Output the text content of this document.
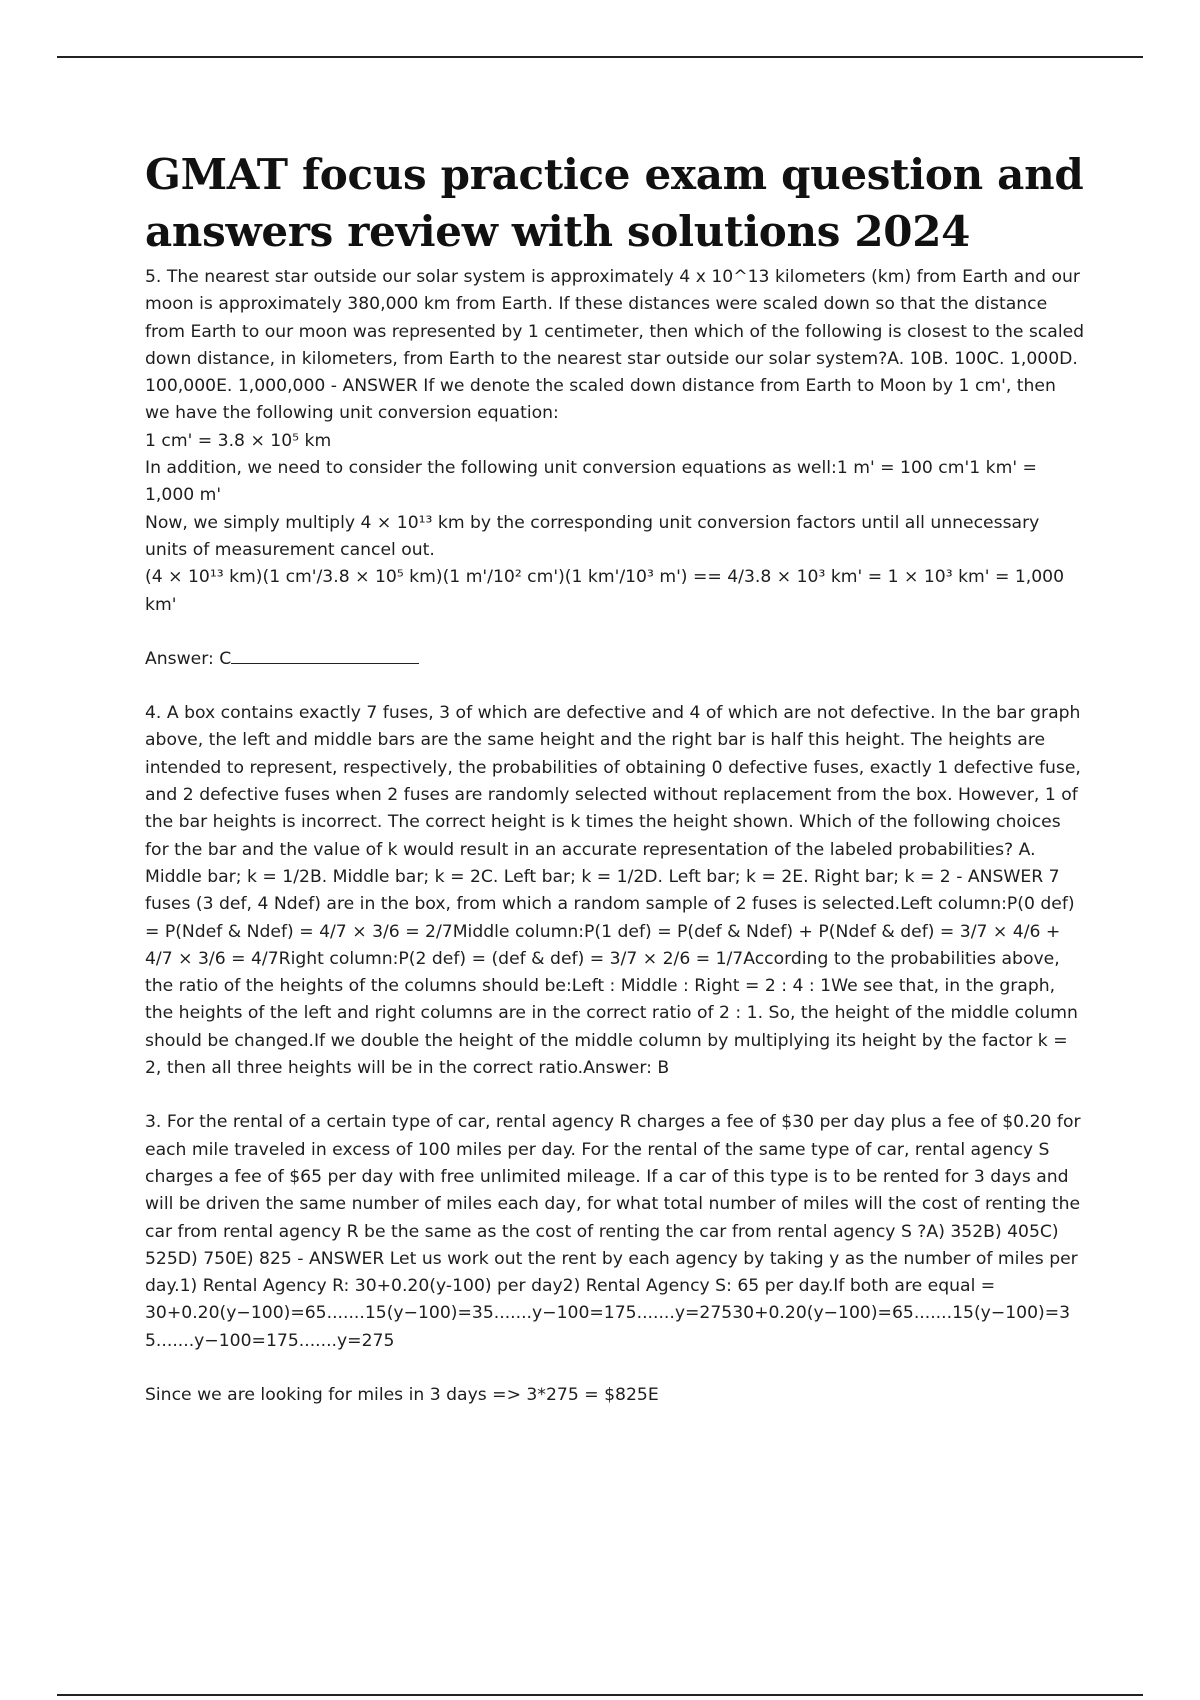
GMAT focus practice exam question and answers review with solutions 2024

5. The nearest star outside our solar system is approximately 4 x 10^13 kilometers (km) from Earth and our moon is approximately 380,000 km from Earth. If these distances were scaled down so that the distance from Earth to our moon was represented by 1 centimeter, then which of the following is closest to the scaled down distance, in kilometers, from Earth to the nearest star outside our solar system?A. 10B. 100C. 1,000D. 100,000E. 1,000,000 - ANSWER If we denote the scaled down distance from Earth to Moon by 1 cm', then we have the following unit conversion equation:

1 cm' = 3.8 × 10⁵ km

In addition, we need to consider the following unit conversion equations as well:1 m' = 100 cm'1 km' = 1,000 m'

Now, we simply multiply 4 × 10¹³ km by the corresponding unit conversion factors until all unnecessary units of measurement cancel out.

(4 × 10¹³ km)(1 cm'/3.8 × 10⁵ km)(1 m'/10² cm')(1 km'/10³ m') == 4/3.8 × 10³ km' = 1 × 10³ km' = 1,000 km'

Answer: C

4. A box contains exactly 7 fuses, 3 of which are defective and 4 of which are not defective. In the bar graph above, the left and middle bars are the same height and the right bar is half this height. The heights are intended to represent, respectively, the probabilities of obtaining 0 defective fuses, exactly 1 defective fuse, and 2 defective fuses when 2 fuses are randomly selected without replacement from the box. However, 1 of the bar heights is incorrect. The correct height is k times the height shown. Which of the following choices for the bar and the value of k would result in an accurate representation of the labeled probabilities? A. Middle bar; k = 1/2B. Middle bar; k = 2C. Left bar; k = 1/2D. Left bar; k = 2E. Right bar; k = 2 - ANSWER 7 fuses (3 def, 4 Ndef) are in the box, from which a random sample of 2 fuses is selected.Left column:P(0 def) = P(Ndef & Ndef) = 4/7 × 3/6 = 2/7Middle column:P(1 def) = P(def & Ndef) + P(Ndef & def) = 3/7 × 4/6 + 4/7 × 3/6 = 4/7Right column:P(2 def) = (def & def) = 3/7 × 2/6 = 1/7According to the probabilities above, the ratio of the heights of the columns should be:Left : Middle : Right = 2 : 4 : 1We see that, in the graph, the heights of the left and right columns are in the correct ratio of 2 : 1. So, the height of the middle column should be changed.If we double the height of the middle column by multiplying its height by the factor k = 2, then all three heights will be in the correct ratio.Answer: B

3. For the rental of a certain type of car, rental agency R charges a fee of $30 per day plus a fee of $0.20 for each mile traveled in excess of 100 miles per day. For the rental of the same type of car, rental agency S charges a fee of $65 per day with free unlimited mileage. If a car of this type is to be rented for 3 days and will be driven the same number of miles each day, for what total number of miles will the cost of renting the car from rental agency R be the same as the cost of renting the car from rental agency S ?A) 352B) 405C) 525D) 750E) 825 - ANSWER Let us work out the rent by each agency by taking y as the number of miles per day.1) Rental Agency R: 30+0.20(y-100) per day2) Rental Agency S: 65 per day.If both are equal =

30+0.20(y−100)=65.......15(y−100)=35.......y−100=175.......y=27530+0.20(y−100)=65.......15(y−100)=35.......y−100=175.......y=275

Since we are looking for miles in 3 days => 3*275 = $825E
